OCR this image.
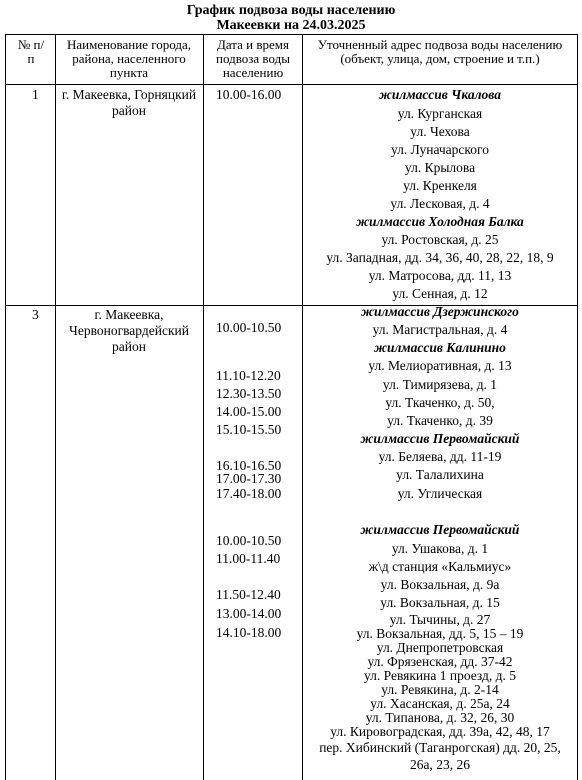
График подвоза воды населению
Макеевки на 24.03.2025
№ п/п
Наименование города, района, населенного пункта
Дата и время подвоза воды населению
Уточненный адрес подвоза воды населению (объект, улица, дом, строение и т.п.)
1 г. Макеевка, Горняцкий район
10.00-16.00	жилмассив Чкалова
ул. Курганская
ул. Чехова
ул. Луначарского
ул. Крылова
ул. Кренкеля
ул. Лесковая, д. 4
жилмассив Холодная Балка
ул. Ростовская, д. 25
ул. Западная, дд. 34, 36, 40, 28, 22, 18, 9
ул. Матросова, дд. 11, 13
ул. Сенная, д. 12
3	г. Макеевка,
Червоногвардейский
район
10.00-10.50
11.10-12.20
12.30-13.50
14.00-15.00
15.10-15.50
16.10-16.50
17.00-17.30
17.40-18.00
10.00-10.50
11.00-11.40
11.50-12.40
13.00-14.00
14.10-18.00
жилмассив Дзержинского
ул. Магистральная, д. 4
жилмассив Калинино
ул. Мелиоративная, д. 13
ул. Тимирязева, д. 1
ул. Ткаченко, д. 50,
ул. Ткаченко, д. 39
жилмассив Первомайский
ул. Беляева, дд. 11-19
ул. Талалихина
ул. Углическая
жилмассив Первомайский
ул. Ушакова, д. 1
ж\д станция «Кальмиус»
ул. Вокзальная, д. 9а
ул. Вокзальная, д. 15
ул. Тычины, д. 27
ул. Вокзальная, дд. 5, 15 – 19
ул. Днепропетровская
ул. Фрязенская, дд. 37-42
ул. Ревякина 1 проезд, д. 5
ул. Ревякина, д. 2-14
ул. Хасанская, д. 25а, 24
ул. Типанова, д. 32, 26, 30
ул. Кировоградская, дд. 39а, 42, 48, 17
пер. Хибинский (Таганрогская) дд. 20, 25,
26а, 23, 26
